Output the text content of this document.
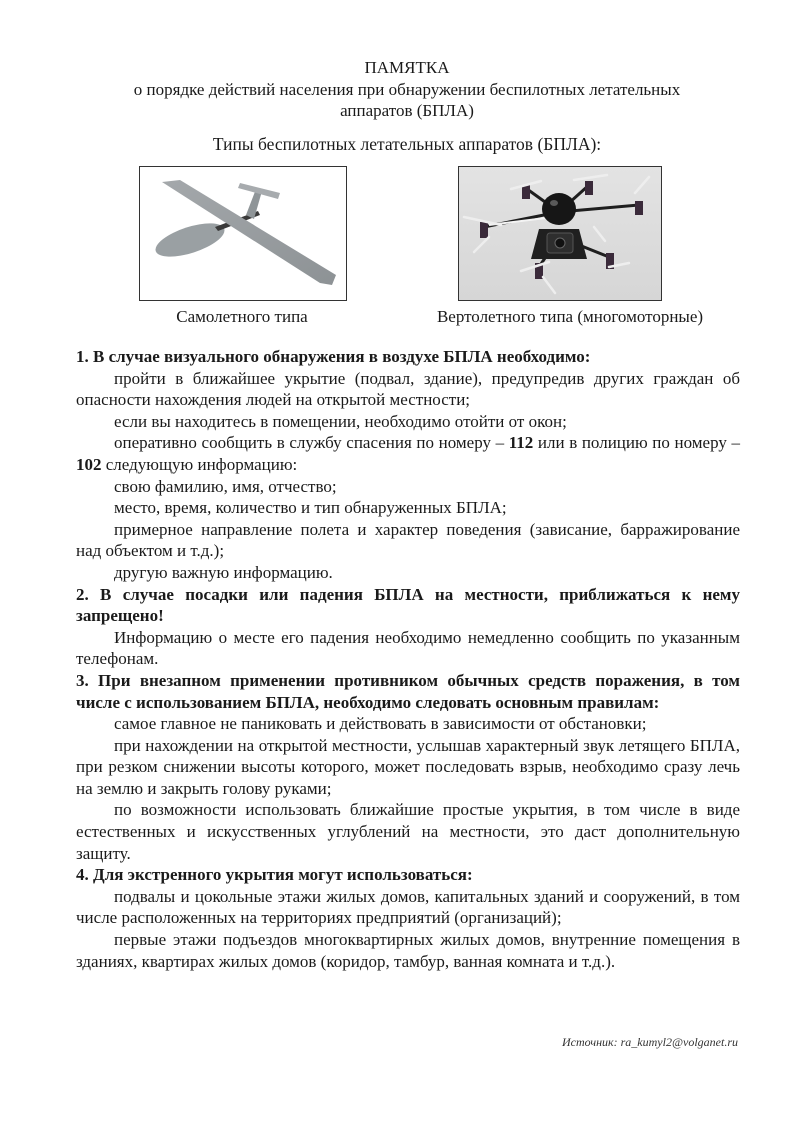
ПАМЯТКА
о порядке действий населения при обнаружении беспилотных летательных
аппаратов (БПЛА)
Типы беспилотных летательных аппаратов (БПЛА):
Самолетного типа	Вертолетного типа (многомоторные)

1. В случае визуального обнаружения в воздухе БПЛА необходимо:

пройти в ближайшее укрытие (подвал, здание), предупредив других граждан об опасности нахождения людей на открытой местности;

если вы находитесь в помещении, необходимо отойти от окон;

оперативно сообщить в службу спасения по номеру – 112 или в полицию по номеру – 102 следующую информацию:

свою фамилию, имя, отчество;

место, время, количество и тип обнаруженных БПЛА;

примерное направление полета и характер поведения (зависание, барражирование над объектом и т.д.);

другую важную информацию.

2. В случае посадки или падения БПЛА на местности, приближаться к нему запрещено!

Информацию о месте его падения необходимо немедленно сообщить по указанным телефонам.

3. При внезапном применении противником обычных средств поражения, в том числе с использованием БПЛА, необходимо следовать основным правилам:

самое главное не паниковать и действовать в зависимости от обстановки;

при нахождении на открытой местности, услышав характерный звук летящего БПЛА, при резком снижении высоты которого, может последовать взрыв, необходимо сразу лечь на землю и закрыть голову руками;

по возможности использовать ближайшие простые укрытия, в том числе в виде естественных и искусственных углублений на местности, это даст дополнительную защиту.

4. Для экстренного укрытия могут использоваться:

подвалы и цокольные этажи жилых домов, капитальных зданий и сооружений, в том числе расположенных на территориях предприятий (организаций);

первые этажи подъездов многоквартирных жилых домов, внутренние помещения в зданиях, квартирах жилых домов (коридор, тамбур, ванная комната и т.д.).

Источник: ra_kumyl2@volganet.ru
